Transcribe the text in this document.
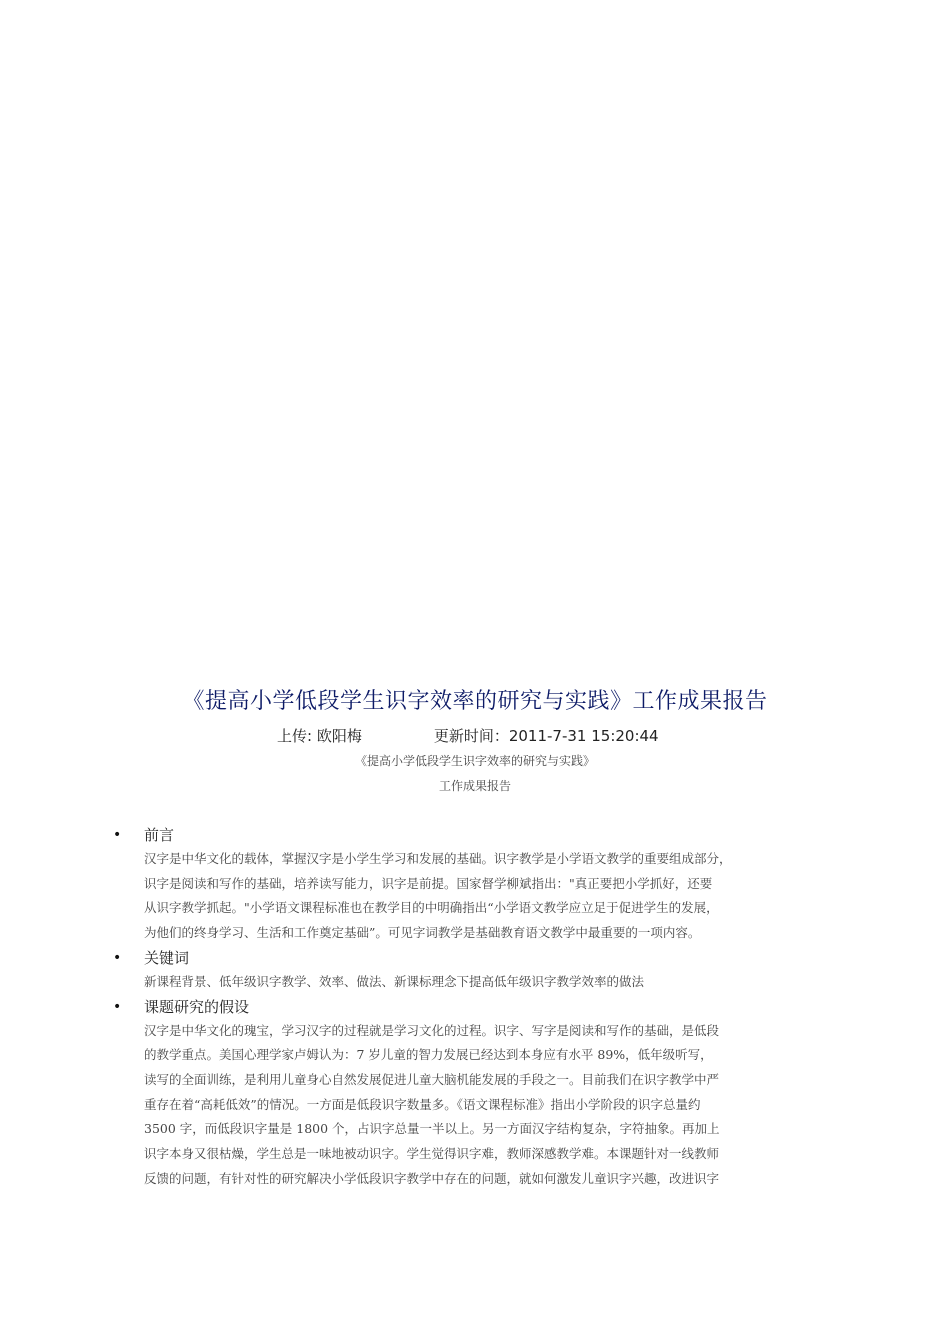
《提高小学低段学生识字效率的研究与实践》工作成果报告
上传: 欧阳梅	更新时间：2011-7-31 15:20:44
《提高小学低段学生识字效率的研究与实践》
工作成果报告
• 前言

汉字是中华文化的载体，掌握汉字是小学生学习和发展的基础。识字教学是小学语文教学的重要组成部分，
识字是阅读和写作的基础，培养读写能力，识字是前提。国家督学柳斌指出："真正要把小学抓好，还要
从识字教学抓起。"小学语文课程标准也在教学目的中明确指出“小学语文教学应立足于促进学生的发展，
为他们的终身学习、生活和工作奠定基础”。可见字词教学是基础教育语文教学中最重要的一项内容。

• 关键词

新课程背景、低年级识字教学、效率、做法、新课标理念下提高低年级识字教学效率的做法

• 课题研究的假设

汉字是中华文化的瑰宝，学习汉字的过程就是学习文化的过程。识字、写字是阅读和写作的基础，是低段
的教学重点。美国心理学家卢姆认为：7 岁儿童的智力发展已经达到本身应有水平 89%，低年级听写，
读写的全面训练，是利用儿童身心自然发展促进儿童大脑机能发展的手段之一。目前我们在识字教学中严
重存在着“高耗低效”的情况。一方面是低段识字数量多。《语文课程标准》指出小学阶段的识字总量约
3500 字，而低段识字量是 1800 个，占识字总量一半以上。另一方面汉字结构复杂，字符抽象。再加上
识字本身又很枯燥，学生总是一味地被动识字。学生觉得识字难，教师深感教学难。本课题针对一线教师
反馈的问题，有针对性的研究解决小学低段识字教学中存在的问题，就如何激发儿童识字兴趣，改进识字
